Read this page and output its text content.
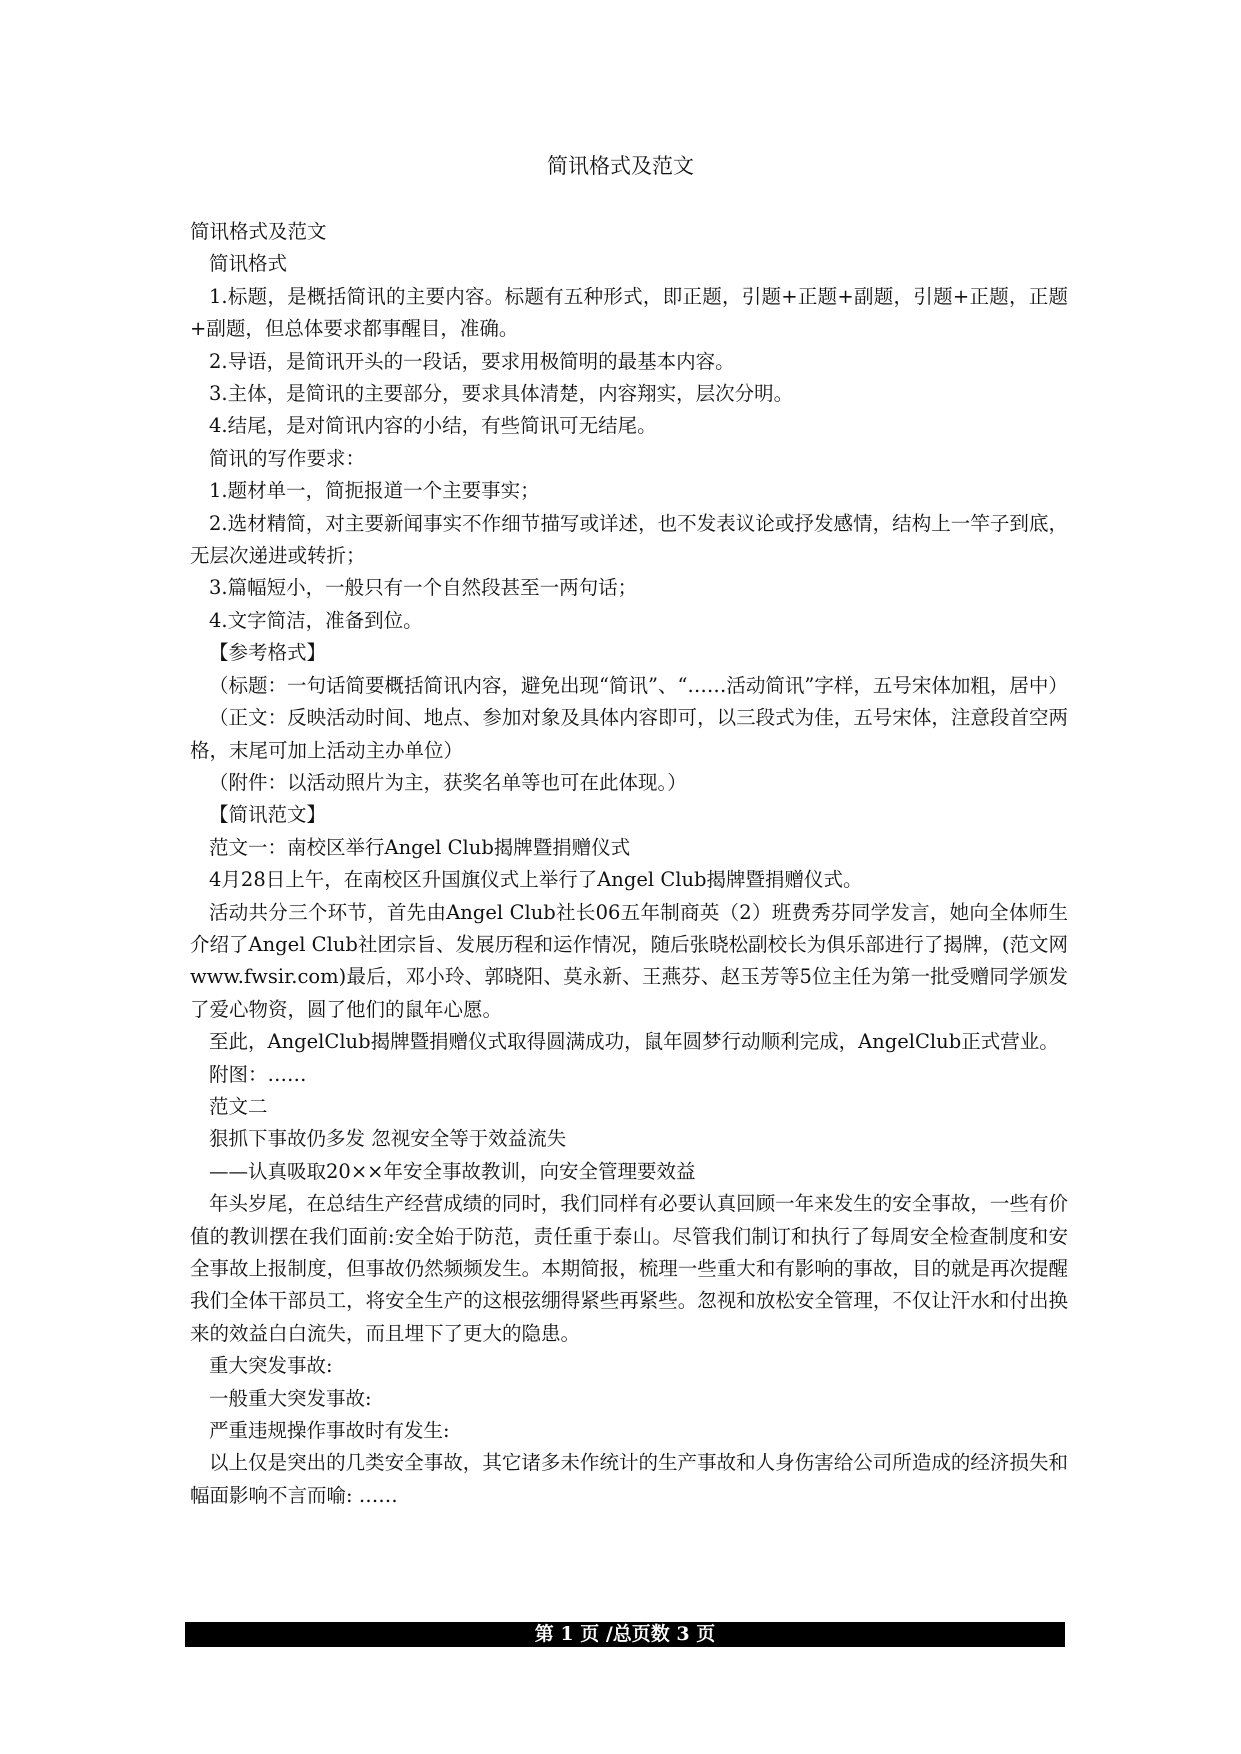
简讯格式及范文

简讯格式及范文

简讯格式

1.标题，是概括简讯的主要内容。标题有五种形式，即正题，引题+正题+副题，引题+正题，正题+副题，但总体要求都事醒目，准确。

2.导语，是简讯开头的一段话，要求用极简明的最基本内容。

3.主体，是简讯的主要部分，要求具体清楚，内容翔实，层次分明。

4.结尾，是对简讯内容的小结，有些简讯可无结尾。

简讯的写作要求：

1.题材单一，简扼报道一个主要事实；

2.选材精简，对主要新闻事实不作细节描写或详述，也不发表议论或抒发感情，结构上一竿子到底，无层次递进或转折；

3.篇幅短小，一般只有一个自然段甚至一两句话；

4.文字简洁，准备到位。

【参考格式】

（标题：一句话简要概括简讯内容，避免出现“简讯”、“……活动简讯”字样，五号宋体加粗，居中）

（正文：反映活动时间、地点、参加对象及具体内容即可，以三段式为佳，五号宋体，注意段首空两格，末尾可加上活动主办单位）

（附件：以活动照片为主，获奖名单等也可在此体现。）

【简讯范文】

范文一：南校区举行Angel Club揭牌暨捐赠仪式

4月28日上午，在南校区升国旗仪式上举行了Angel Club揭牌暨捐赠仪式。

活动共分三个环节，首先由Angel Club社长06五年制商英（2）班费秀芬同学发言，她向全体师生介绍了Angel Club社团宗旨、发展历程和运作情况，随后张晓松副校长为俱乐部进行了揭牌，(范文网 www.fwsir.com)最后，邓小玲、郭晓阳、莫永新、王燕芬、赵玉芳等5位主任为第一批受赠同学颁发了爱心物资，圆了他们的鼠年心愿。

至此，AngelClub揭牌暨捐赠仪式取得圆满成功，鼠年圆梦行动顺利完成，AngelClub正式营业。

附图：……

范文二

狠抓下事故仍多发 忽视安全等于效益流失

——认真吸取20××年安全事故教训，向安全管理要效益

年头岁尾，在总结生产经营成绩的同时，我们同样有必要认真回顾一年来发生的安全事故，一些有价值的教训摆在我们面前:安全始于防范，责任重于泰山。尽管我们制订和执行了每周安全检查制度和安全事故上报制度，但事故仍然频频发生。本期简报，梳理一些重大和有影响的事故，目的就是再次提醒我们全体干部员工，将安全生产的这根弦绷得紧些再紧些。忽视和放松安全管理，不仅让汗水和付出换来的效益白白流失，而且埋下了更大的隐患。

重大突发事故:

一般重大突发事故:

严重违规操作事故时有发生:

以上仅是突出的几类安全事故，其它诸多未作统计的生产事故和人身伤害给公司所造成的经济损失和幅面影响不言而喻: ……

第 1 页 /总页数 3 页
